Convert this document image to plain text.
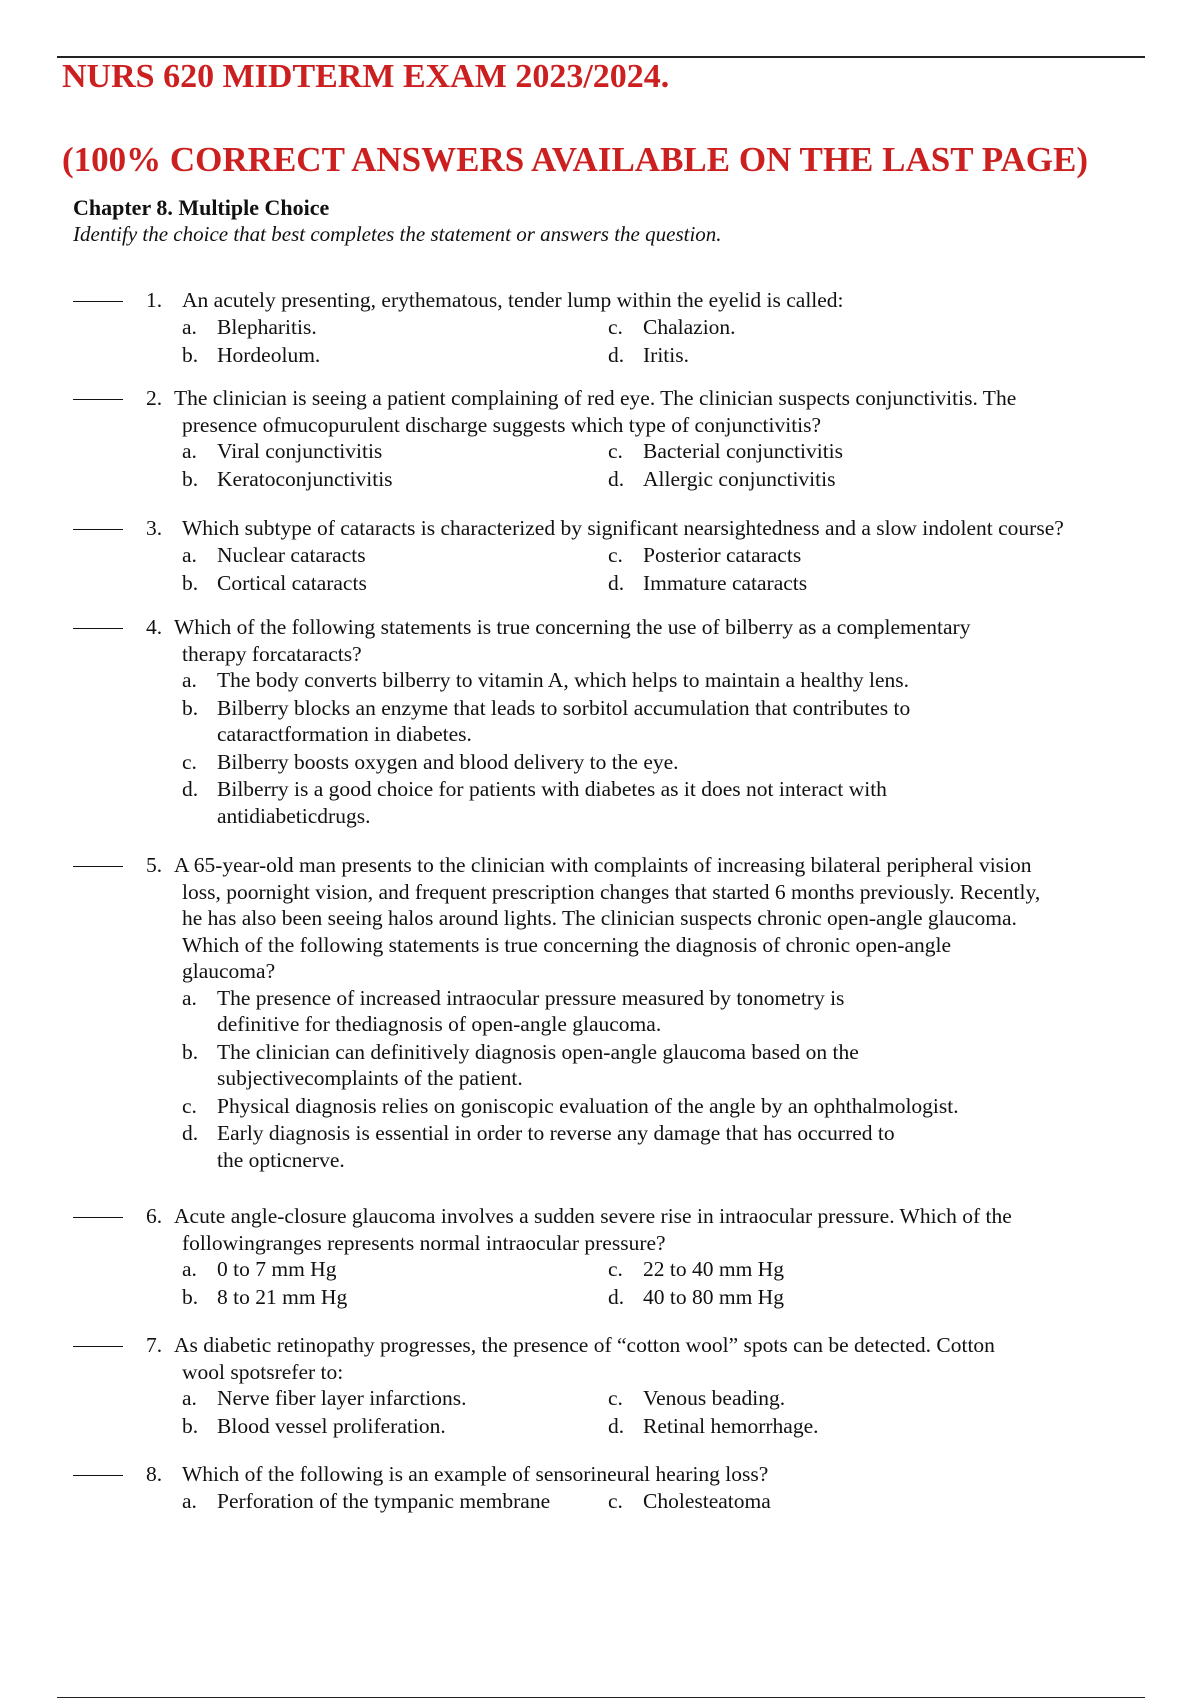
NURS 620 MIDTERM EXAM 2023/2024.
(100% CORRECT ANSWERS AVAILABLE ON THE LAST PAGE)
Chapter 8. Multiple Choice
Identify the choice that best completes the statement or answers the question.
1. An acutely presenting, erythematous, tender lump within the eyelid is called:
a. Blepharitis.
b. Hordeolum.
c. Chalazion.
d. Iritis.
2. The clinician is seeing a patient complaining of red eye. The clinician suspects conjunctivitis. The
presence ofmucopurulent discharge suggests which type of conjunctivitis?
a. Viral conjunctivitis
b. Keratoconjunctivitis
c. Bacterial conjunctivitis
d. Allergic conjunctivitis
3. Which subtype of cataracts is characterized by significant nearsightedness and a slow indolent course?
a. Nuclear cataracts
b. Cortical cataracts
c. Posterior cataracts
d. Immature cataracts
4. Which of the following statements is true concerning the use of bilberry as a complementary
therapy forcataracts?
a. The body converts bilberry to vitamin A, which helps to maintain a healthy lens.
b. Bilberry blocks an enzyme that leads to sorbitol accumulation that contributes to
cataractformation in diabetes.
c. Bilberry boosts oxygen and blood delivery to the eye.
d. Bilberry is a good choice for patients with diabetes as it does not interact with
antidiabeticdrugs.
5. A 65-year-old man presents to the clinician with complaints of increasing bilateral peripheral vision
loss, poornight vision, and frequent prescription changes that started 6 months previously. Recently,
he has also been seeing halos around lights. The clinician suspects chronic open-angle glaucoma.
Which of the following statements is true concerning the diagnosis of chronic open-angle
glaucoma?
a. The presence of increased intraocular pressure measured by tonometry is
definitive for thediagnosis of open-angle glaucoma.
b. The clinician can definitively diagnosis open-angle glaucoma based on the
subjectivecomplaints of the patient.
c. Physical diagnosis relies on goniscopic evaluation of the angle by an ophthalmologist.
d. Early diagnosis is essential in order to reverse any damage that has occurred to
the opticnerve.
6. Acute angle-closure glaucoma involves a sudden severe rise in intraocular pressure. Which of the
followingranges represents normal intraocular pressure?
a. 0 to 7 mm Hg
b. 8 to 21 mm Hg
c. 22 to 40 mm Hg
d. 40 to 80 mm Hg
7. As diabetic retinopathy progresses, the presence of “cotton wool” spots can be detected. Cotton
wool spotsrefer to:
a. Nerve fiber layer infarctions.
b. Blood vessel proliferation.
c. Venous beading.
d. Retinal hemorrhage.
8. Which of the following is an example of sensorineural hearing loss?
a. Perforation of the tympanic membrane	c. Cholesteatoma
